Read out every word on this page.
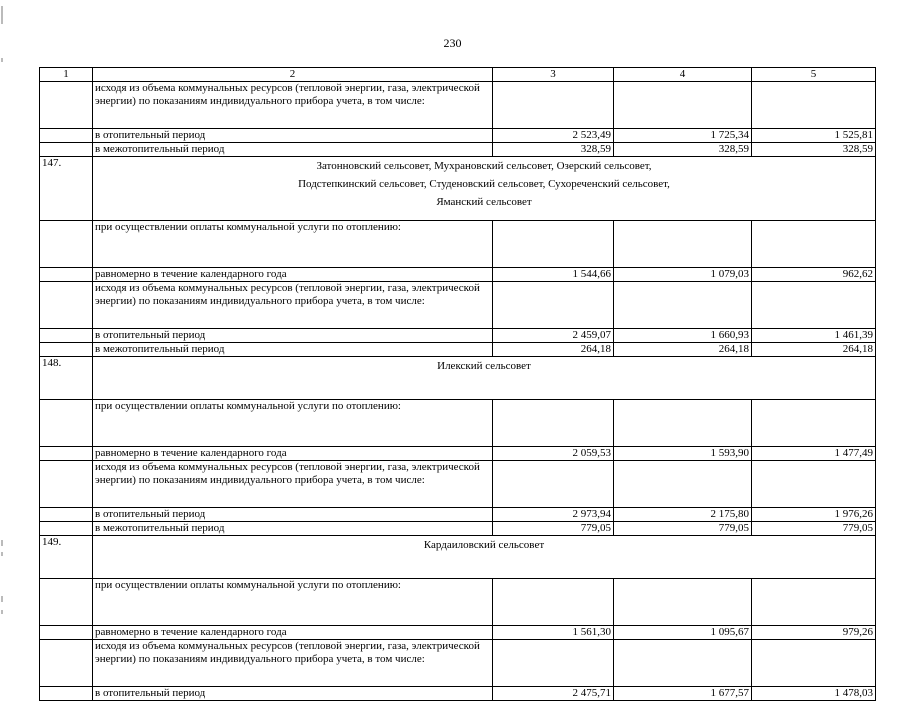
230
1	2	3	4	5
	исходя из объема коммунальных ресурсов (тепловой энергии, газа, электрической энергии) по показаниям индивидуального прибора учета, в том числе:			
	в отопительный период	2 523,49	1 725,34	1 525,81
	в межотопительный период	328,59	328,59	328,59
147.	Затонновский сельсовет, Мухрановский сельсовет, Озерский сельсовет,
Подстепкинский сельсовет, Студеновский сельсовет, Сухореченский сельсовет,
Яманский сельсовет			

	при осуществлении оплаты коммунальной услуги по отоплению:			
	равномерно в течение календарного года	1 544,66	1 079,03	962,62
	исходя из объема коммунальных ресурсов (тепловой энергии, газа, электрической энергии) по показаниям индивидуального прибора учета, в том числе:			
	в отопительный период	2 459,07	1 660,93	1 461,39
	в межотопительный период	264,18	264,18	264,18
148.	Илекский сельсовет			

	при осуществлении оплаты коммунальной услуги по отоплению:			
	равномерно в течение календарного года	2 059,53	1 593,90	1 477,49
	исходя из объема коммунальных ресурсов (тепловой энергии, газа, электрической энергии) по показаниям индивидуального прибора учета, в том числе:			
	в отопительный период	2 973,94	2 175,80	1 976,26
	в межотопительный период	779,05	779,05	779,05
149.	Кардаиловский сельсовет			

	при осуществлении оплаты коммунальной услуги по отоплению:			
	равномерно в течение календарного года	1 561,30	1 095,67	979,26
	исходя из объема коммунальных ресурсов (тепловой энергии, газа, электрической энергии) по показаниям индивидуального прибора учета, в том числе:			
	в отопительный период	2 475,71	1 677,57	1 478,03
